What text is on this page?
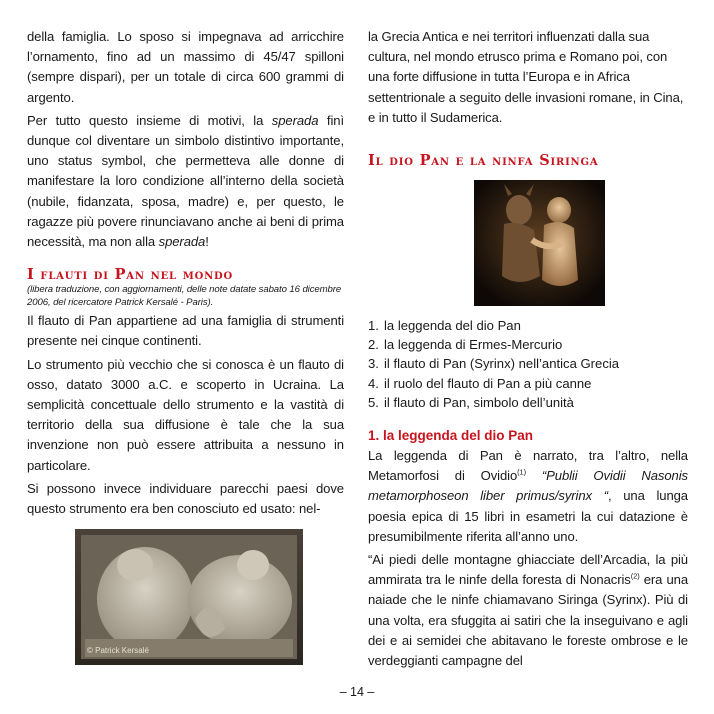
della famiglia. Lo sposo si impegnava ad arricchire l’ornamento, fino ad un massimo di 45/47 spilloni (sempre dispari), per un totale di circa 600 grammi di argento.

Per tutto questo insieme di motivi, la sperada finì dunque col diventare un simbolo distintivo importante, uno status symbol, che permetteva alle donne di manifestare la loro condizione all’interno della società (nubile, fidanzata, sposa, madre) e, per questo, le ragazze più povere rinunciavano anche ai beni di prima necessità, ma non alla sperada!

I flauti di Pan nel mondo

(libera traduzione, con aggiornamenti, delle note datate sabato 16 dicembre 2006, del ricercatore Patrick Kersalé - Paris).

Il flauto di Pan appartiene ad una famiglia di strumenti presente nei cinque continenti.

Lo strumento più vecchio che si conosca è un flauto di osso, datato 3000 a.C. e scoperto in Ucraina. La semplicità concettuale dello strumento e la vastità di territorio della sua diffusione è tale che la sua invenzione non può essere attribuita a nessuno in particolare.

Si possono invece individuare parecchi paesi dove questo strumento era ben conosciuto ed usato: nel-

© Patrick Kersalé

la Grecia Antica e nei territori influenzati dalla sua cultura, nel mondo etrusco prima e Romano poi, con una forte diffusione in tutta l’Europa e in Africa settentrionale a seguito delle invasioni romane, in Cina, e in tutto il Sudamerica.

Il dio Pan e la ninfa Siringa
1. la leggenda del dio Pan
2. la leggenda di Ermes-Mercurio
3. il flauto di Pan (Syrinx) nell’antica Grecia
4. il ruolo del flauto di Pan a più canne
5. il flauto di Pan, simbolo dell’unità
1. la leggenda del dio Pan

La leggenda di Pan è narrato, tra l’altro, nella Metamorfosi di Ovidio$^{(1)}$ “Publii Ovidii Nasonis metamorphoseon liber primus/syrinx “, una lunga poesia epica di 15 libri in esametri la cui datazione è presumibilmente riferita all’anno uno.

“Ai piedi delle montagne ghiacciate dell’Arcadia, la più ammirata tra le ninfe della foresta di Nonacris$^{(2)}$ era una naiade che le ninfe chiamavano Siringa (Syrinx). Più di una volta, era sfuggita ai satiri che la inseguivano e agli dei e ai semidei che abitavano le foreste ombrose e le verdeggianti campagne del

– 14 –
